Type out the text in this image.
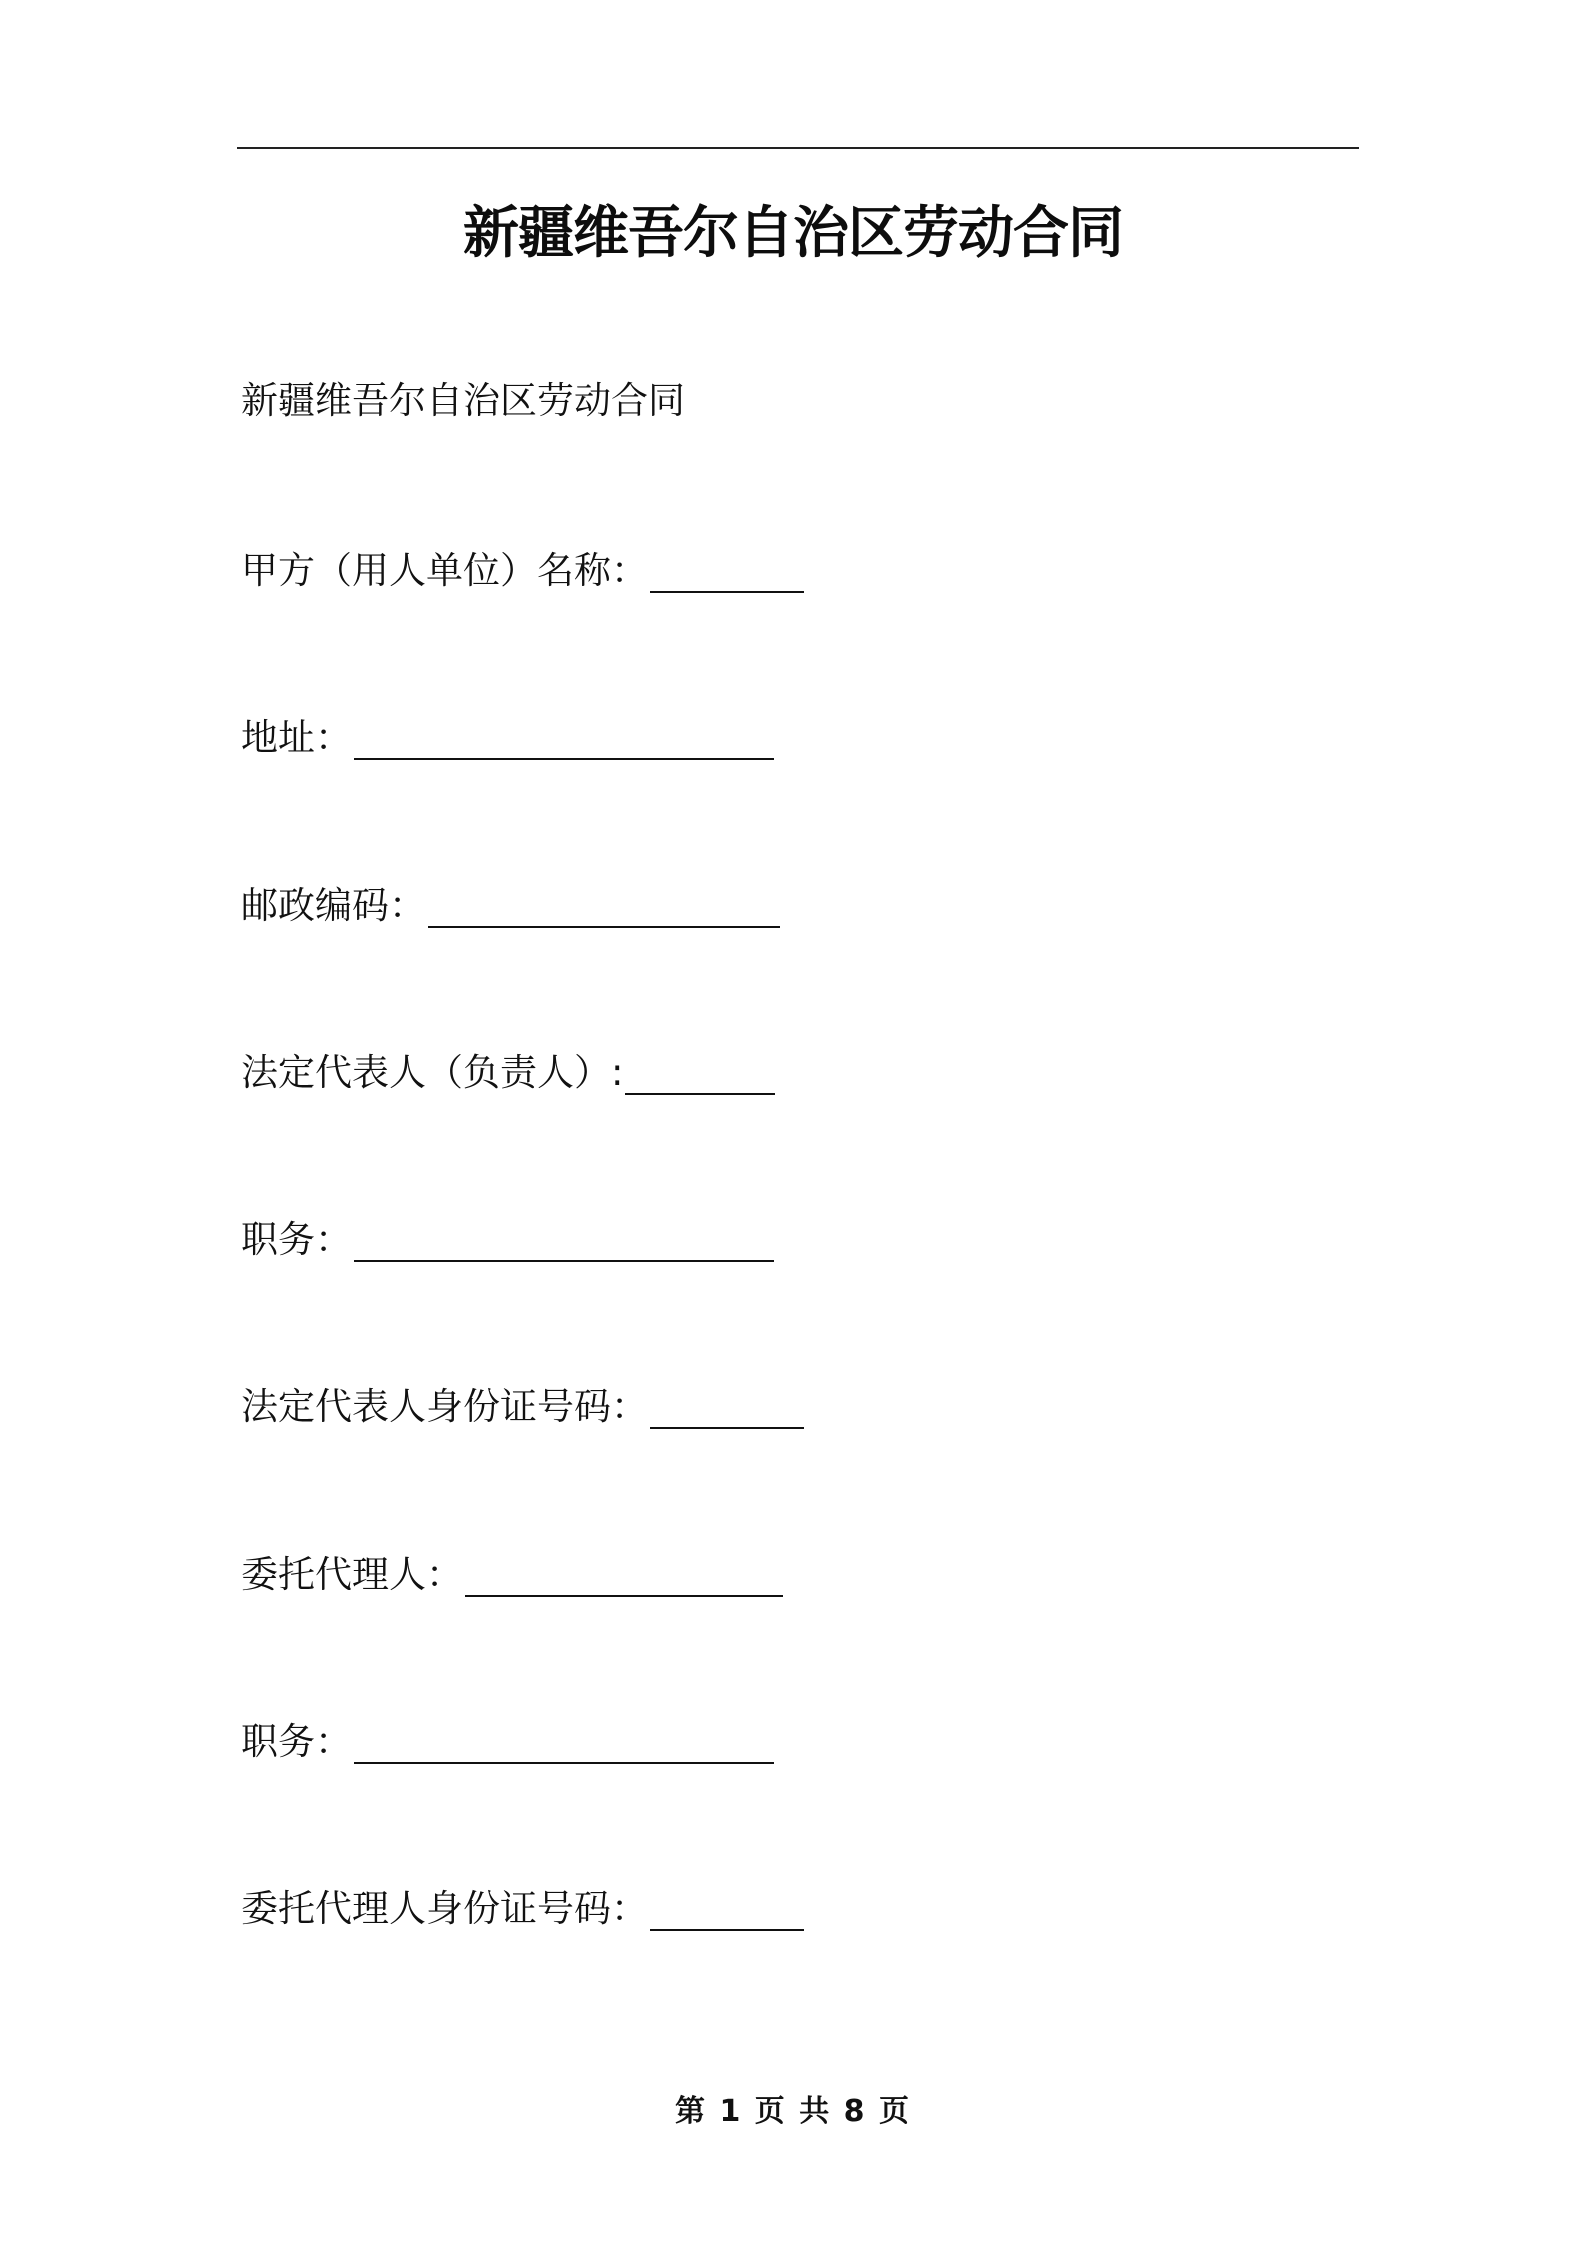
新疆维吾尔自治区劳动合同
新疆维吾尔自治区劳动合同
甲方（用人单位）名称：
地址：
邮政编码：
法定代表人（负责人）:
职务：
法定代表人身份证号码：
委托代理人：
职务：
委托代理人身份证号码：
第 1 页 共 8 页
